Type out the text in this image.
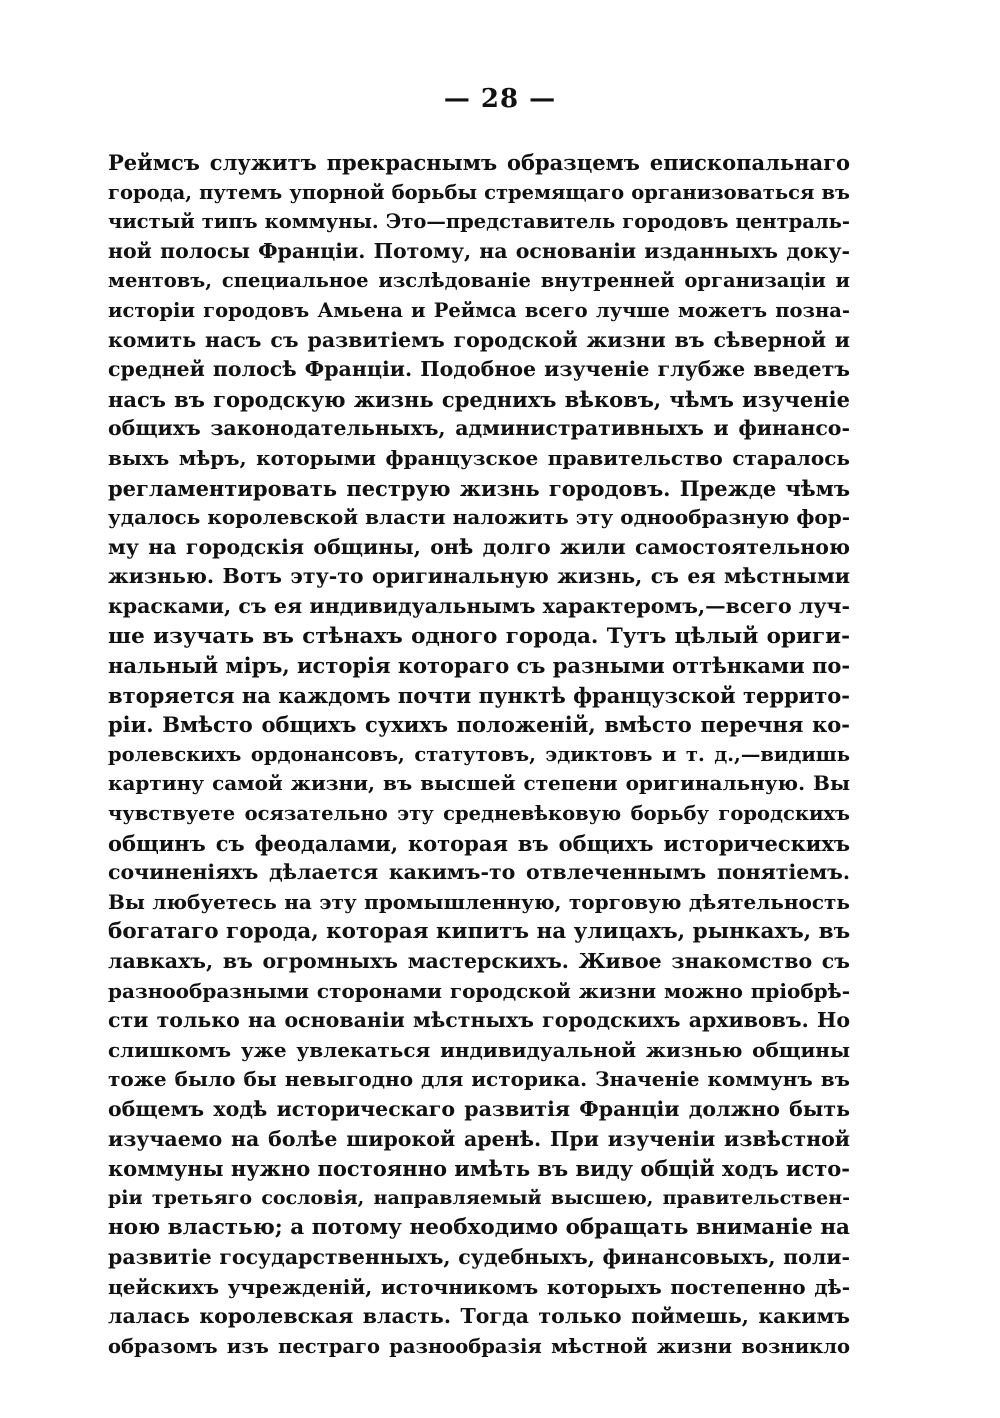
— 28 —
Реймсъ служитъ прекраснымъ образцемъ епископальнаго
города, путемъ упорной борьбы стремящаго организоваться въ
чистый типъ коммуны. Это—представитель городовъ централь-
ной полосы Франціи. Потому, на основаніи изданныхъ доку-
ментовъ, специальное изслѣдованіе внутренней организаціи и
исторіи городовъ Амьена и Реймса всего лучше можетъ позна-
комить насъ съ развитіемъ городской жизни въ сѣверной и
средней полосѣ Франціи. Подобное изученіе глубже введетъ
насъ въ городскую жизнь среднихъ вѣковъ, чѣмъ изученіе
общихъ законодательныхъ, административныхъ и финансо-
выхъ мѣръ, которыми французское правительство старалось
регламентировать пеструю жизнь городовъ. Прежде чѣмъ
удалось королевской власти наложить эту однообразную фор-
му на городскія общины, онѣ долго жили самостоятельною
жизнью. Вотъ эту-то оригинальную жизнь, съ ея мѣстными
красками, съ ея индивидуальнымъ характеромъ,—всего луч-
ше изучать въ стѣнахъ одного города. Тутъ цѣлый ориги-
нальный міръ, исторія котораго съ разными оттѣнками по-
вторяется на каждомъ почти пунктѣ французской террито-
ріи. Вмѣсто общихъ сухихъ положеній, вмѣсто перечня ко-
ролевскихъ ордонансовъ, статутовъ, эдиктовъ и т. д.,—видишь
картину самой жизни, въ высшей степени оригинальную. Вы
чувствуете осязательно эту средневѣковую борьбу городскихъ
общинъ съ феодалами, которая въ общихъ историческихъ
сочиненіяхъ дѣлается какимъ-то отвлеченнымъ понятіемъ.
Вы любуетесь на эту промышленную, торговую дѣятельность
богатаго города, которая кипитъ на улицахъ, рынкахъ, въ
лавкахъ, въ огромныхъ мастерскихъ. Живое знакомство съ
разнообразными сторонами городской жизни можно пріобрѣ-
сти только на основаніи мѣстныхъ городскихъ архивовъ. Но
слишкомъ уже увлекаться индивидуальной жизнью общины
тоже было бы невыгодно для историка. Значеніе коммунъ въ
общемъ ходѣ историческаго развитія Франціи должно быть
изучаемо на болѣе широкой аренѣ. При изученіи извѣстной
коммуны нужно постоянно имѣть въ виду общій ходъ исто-
ріи третьяго сословія, направляемый высшею, правительствен-
ною властью; а потому необходимо обращать вниманіе на
развитіе государственныхъ, судебныхъ, финансовыхъ, поли-
цейскихъ учрежденій, источникомъ которыхъ постепенно дѣ-
лалась королевская власть. Тогда только поймешь, какимъ
образомъ изъ пестраго разнообразія мѣстной жизни возникло
